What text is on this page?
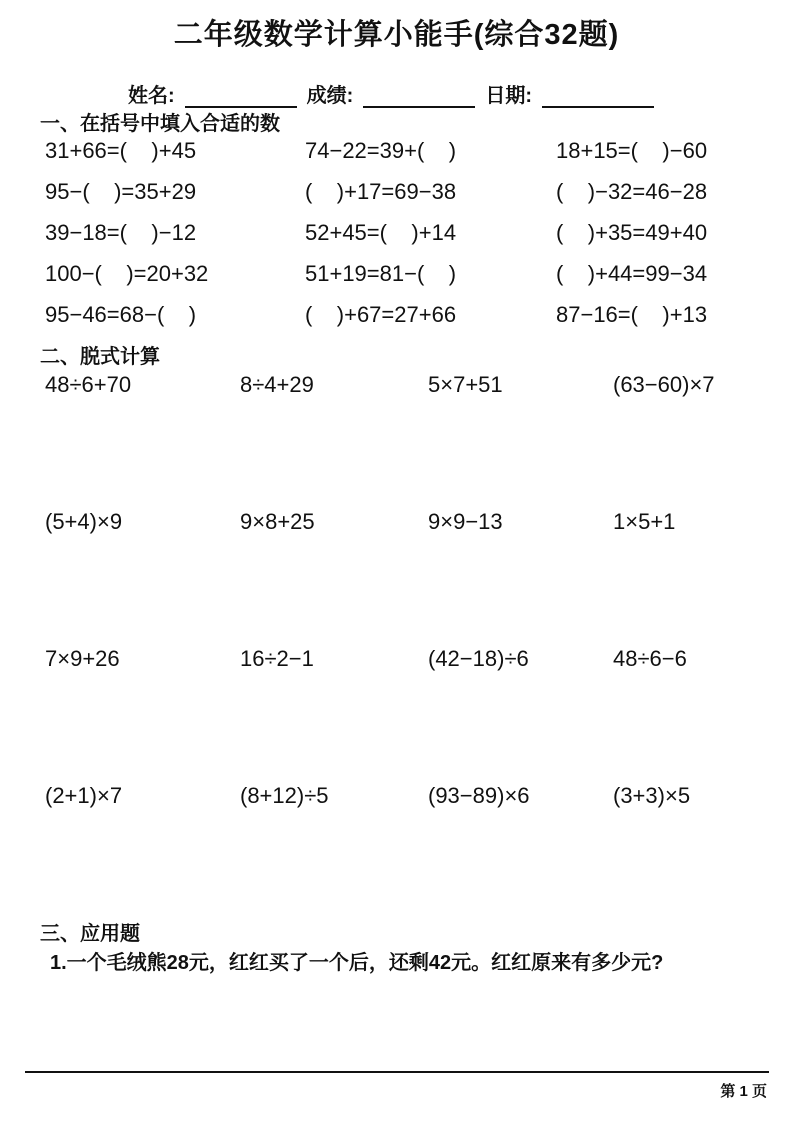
二年级数学计算小能手(综合32题)
姓名:	成绩:	日期:
一、在括号中填入合适的数
31+66=(    )+45	74−22=39+(    )	18+15=(    )−60
95−(    )=35+29	(    )+17=69−38	(    )−32=46−28
39−18=(    )−12	52+45=(    )+14	(    )+35=49+40
100−(    )=20+32	51+19=81−(    )	(    )+44=99−34
95−46=68−(    )	(    )+67=27+66	87−16=(    )+13
二、脱式计算
48÷6+70	8÷4+29	5×7+51	(63−60)×7
(5+4)×9	9×8+25	9×9−13	1×5+1
7×9+26	16÷2−1	(42−18)÷6	48÷6−6
(2+1)×7	(8+12)÷5	(93−89)×6	(3+3)×5
三、应用题
1.一个毛绒熊28元，红红买了一个后，还剩42元。红红原来有多少元?
第 1 页
